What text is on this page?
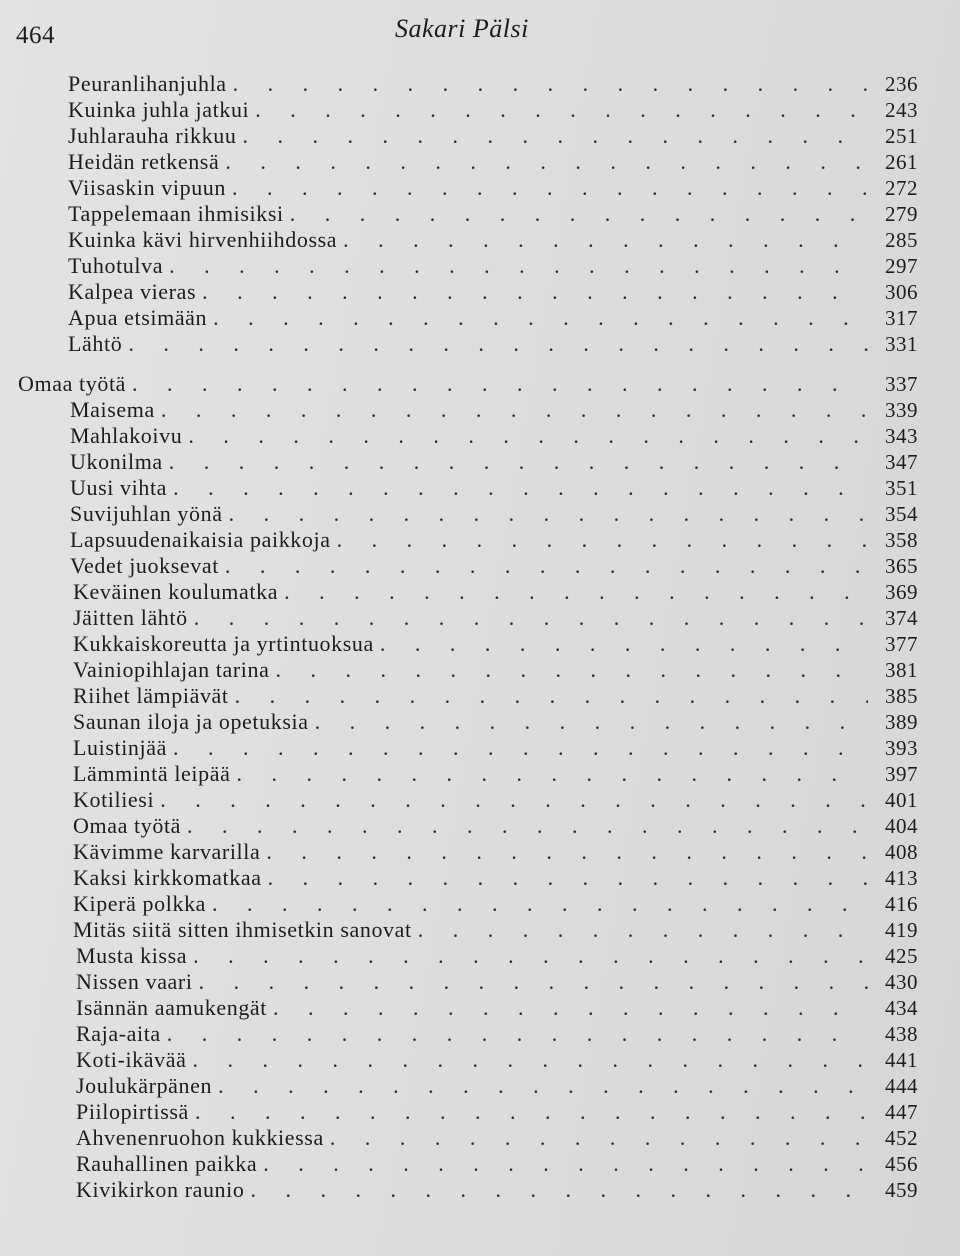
464	Sakari Pälsi
Peuranlihanjuhla . . .	236
Kuinka juhla jatkui . . .	243
Juhlarauha rikkuu . . .	251
Heidän retkensä . . .	261
Viisaskin vipuun . . .	272
Tappelemaan ihmisiksi . . .	279
Kuinka kävi hirvenhiihdossa . . .	285
Tuhotulva . . .	297
Kalpea vieras . . .	306
Apua etsimään . . .	317
Lähtö . . .	331
Omaa työtä . . .	337
Maisema . . .	339
Mahlakoivu . . .	343
Ukonilma . . .	347
Uusi vihta . . .	351
Suvijuhlan yönä . . .	354
Lapsuudenaikaisia paikkoja . . .	358
Vedet juoksevat . . .	365
Keväinen koulumatka . . .	369
Jäitten lähtö . . .	374
Kukkaiskoreutta ja yrtintuoksua . . .	377
Vainiopihlajan tarina . . .	381
Riihet lämpiävät . . .	385
Saunan iloja ja opetuksia . . .	389
Luistinjää . . .	393
Lämmintä leipää . . .	397
Kotiliesi . . .	401
Omaa työtä . . .	404
Kävimme karvarilla . . .	408
Kaksi kirkkomatkaa . . .	413
Kiperä polkka . . .	416
Mitäs siitä sitten ihmisetkin sanovat . . .	419
Musta kissa . . .	425
Nissen vaari . . .	430
Isännän aamukengät . . .	434
Raja-aita . . .	438
Koti-ikävää . . .	441
Joulukärpänen . . .	444
Piilopirtissä . . .	447
Ahvenenruohon kukkiessa . . .	452
Rauhallinen paikka . . .	456
Kivikirkon raunio . . .	459
